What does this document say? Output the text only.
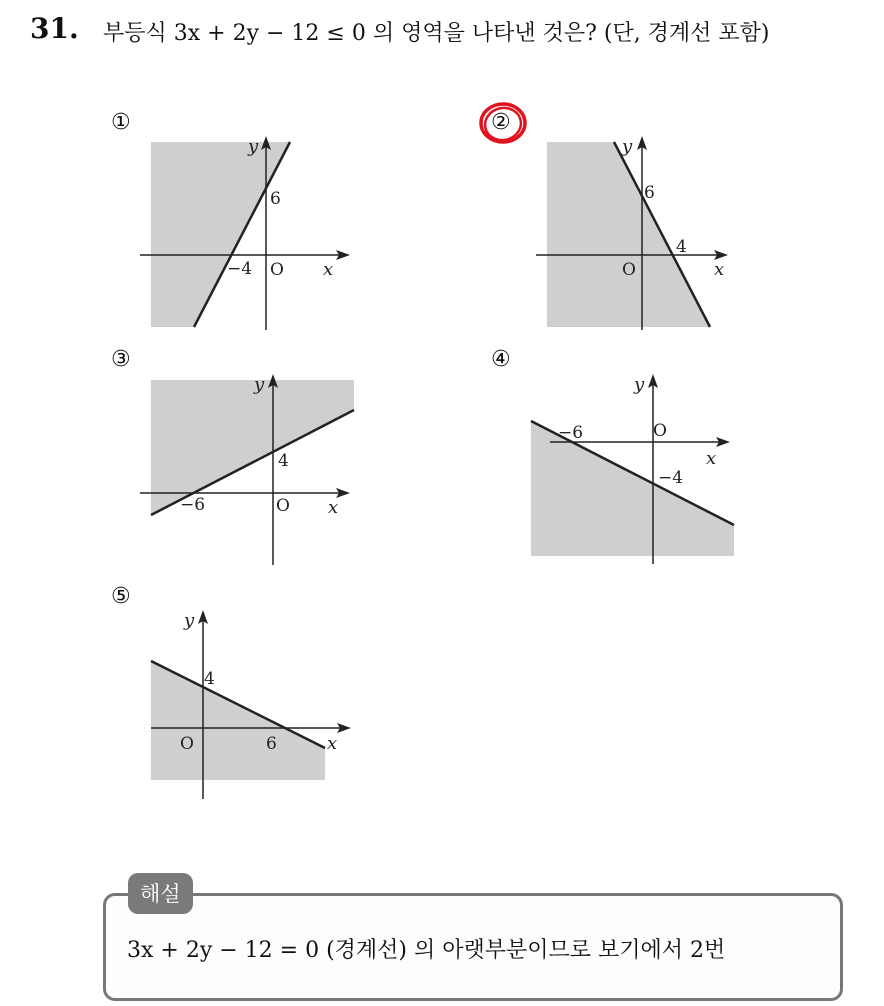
31. 부등식 3x + 2y − 12 ≤ 0 의 영역을 나타낸 것은? (단, 경계선 포함)
①
y
x
O
6
−4
②
y
x
O
6
4
③
y
x
O
4
−6
④
y
x
O
−4
−6
⑤
y
x
O
4
6
해설
3x + 2y − 12 = 0 (경계선) 의 아랫부분이므로 보기에서 2번
